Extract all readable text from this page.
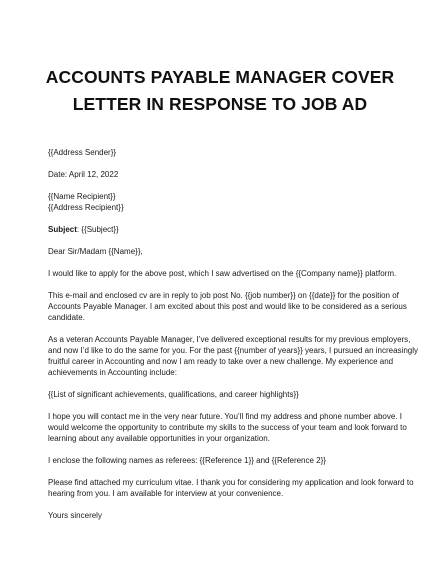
ACCOUNTS PAYABLE MANAGER COVER
LETTER IN RESPONSE TO JOB AD
{{Address Sender}}
Date: April 12, 2022
{{Name Recipient}}
{{Address Recipient}}
Subject: {{Subject}}
Dear Sir/Madam {{Name}},
I would like to apply for the above post, which I saw advertised on the {{Company name}} platform.
This e-mail and enclosed cv are in reply to job post No. {{job number}} on {{date}} for the position of
Accounts Payable Manager. I am excited about this post and would like to be considered as a serious
candidate.
As a veteran Accounts Payable Manager, I’ve delivered exceptional results for my previous employers,
and now I’d like to do the same for you. For the past {{number of years}} years, I pursued an increasingly
fruitful career in Accounting and now I am ready to take over a new challenge. My experience and
achievements in Accounting include:
{{List of significant achievements, qualifications, and career highlights}}
I hope you will contact me in the very near future. You’ll find my address and phone number above. I
would welcome the opportunity to contribute my skills to the success of your team and look forward to
learning about any available opportunities in your organization.
I enclose the following names as referees: {{Reference 1}} and {{Reference 2}}
Please find attached my curriculum vitae. I thank you for considering my application and look forward to
hearing from you. I am available for interview at your convenience.
Yours sincerely
